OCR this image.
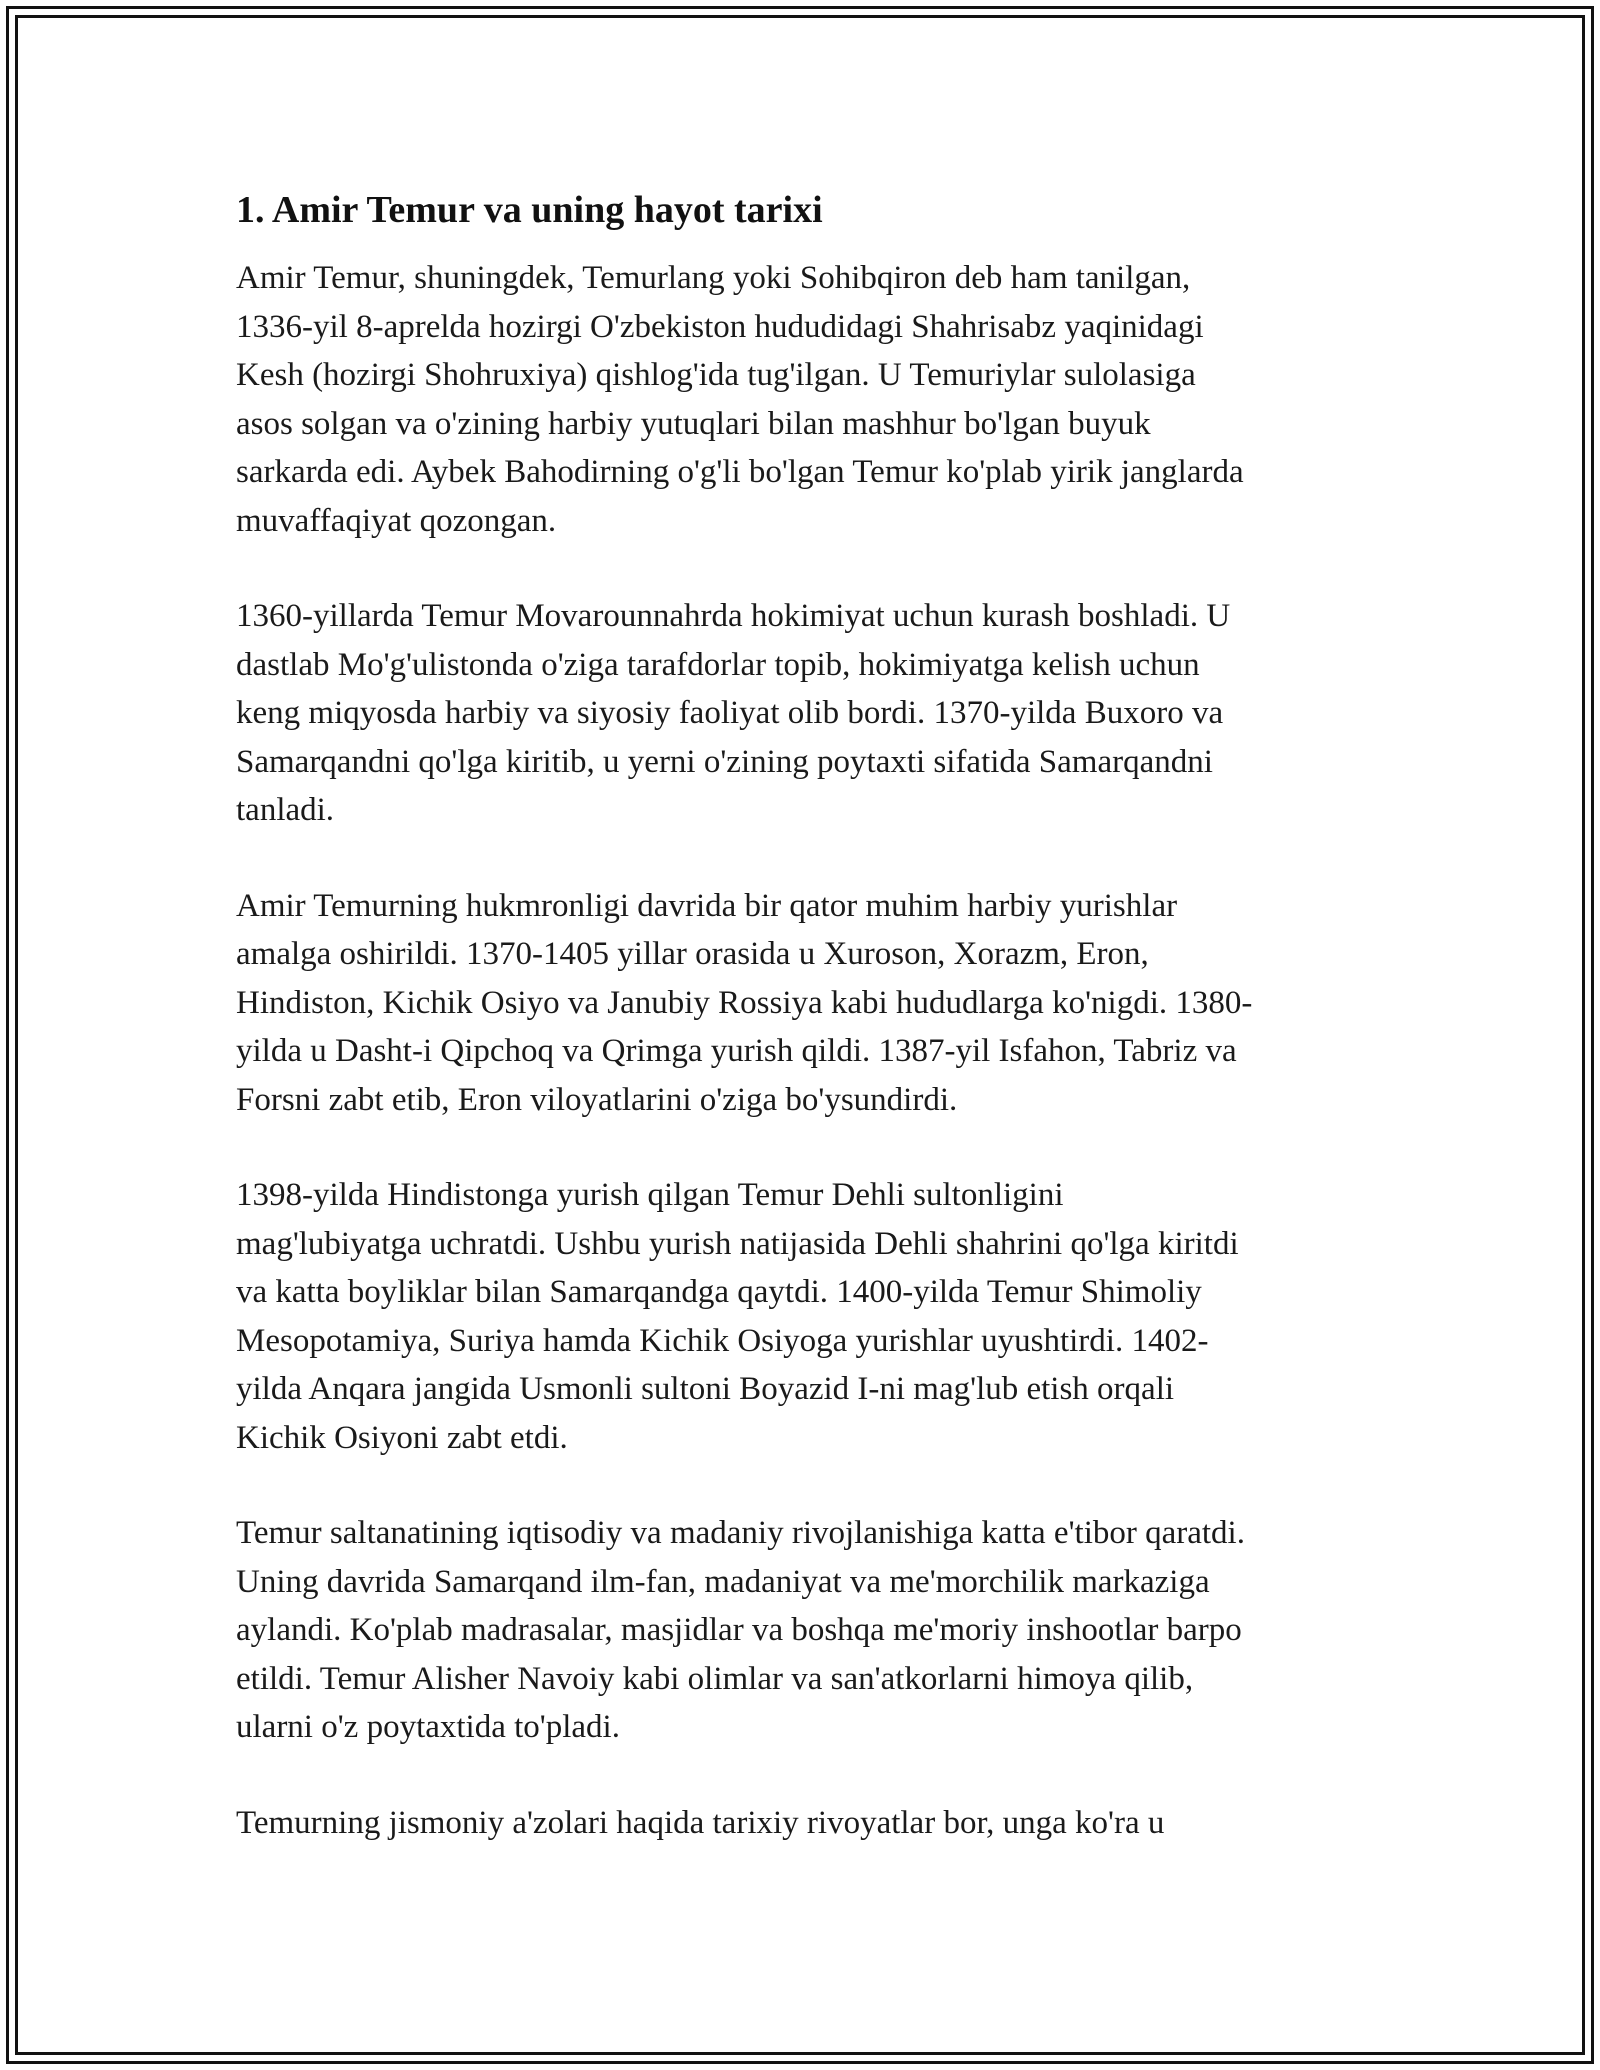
1. Amir Temur va uning hayot tarixi
Amir Temur, shuningdek, Temurlang yoki Sohibqiron deb ham tanilgan,
1336-yil 8-aprelda hozirgi O'zbekiston hududidagi Shahrisabz yaqinidagi
Kesh (hozirgi Shohruxiya) qishlog'ida tug'ilgan. U Temuriylar sulolasiga
asos solgan va o'zining harbiy yutuqlari bilan mashhur bo'lgan buyuk
sarkarda edi. Aybek Bahodirning o'g'li bo'lgan Temur ko'plab yirik janglarda
muvaffaqiyat qozongan.
1360-yillarda Temur Movarounnahrda hokimiyat uchun kurash boshladi. U
dastlab Mo'g'ulistonda o'ziga tarafdorlar topib, hokimiyatga kelish uchun
keng miqyosda harbiy va siyosiy faoliyat olib bordi. 1370-yilda Buxoro va
Samarqandni qo'lga kiritib, u yerni o'zining poytaxti sifatida Samarqandni
tanladi.
Amir Temurning hukmronligi davrida bir qator muhim harbiy yurishlar
amalga oshirildi. 1370-1405 yillar orasida u Xuroson, Xorazm, Eron,
Hindiston, Kichik Osiyo va Janubiy Rossiya kabi hududlarga ko'nigdi. 1380-
yilda u Dasht-i Qipchoq va Qrimga yurish qildi. 1387-yil Isfahon, Tabriz va
Forsni zabt etib, Eron viloyatlarini o'ziga bo'ysundirdi.
1398-yilda Hindistonga yurish qilgan Temur Dehli sultonligini
mag'lubiyatga uchratdi. Ushbu yurish natijasida Dehli shahrini qo'lga kiritdi
va katta boyliklar bilan Samarqandga qaytdi. 1400-yilda Temur Shimoliy
Mesopotamiya, Suriya hamda Kichik Osiyoga yurishlar uyushtirdi. 1402-
yilda Anqara jangida Usmonli sultoni Boyazid I-ni mag'lub etish orqali
Kichik Osiyoni zabt etdi.
Temur saltanatining iqtisodiy va madaniy rivojlanishiga katta e'tibor qaratdi.
Uning davrida Samarqand ilm-fan, madaniyat va me'morchilik markaziga
aylandi. Ko'plab madrasalar, masjidlar va boshqa me'moriy inshootlar barpo
etildi. Temur Alisher Navoiy kabi olimlar va san'atkorlarni himoya qilib,
ularni o'z poytaxtida to'pladi.
Temurning jismoniy a'zolari haqida tarixiy rivoyatlar bor, unga ko'ra u
